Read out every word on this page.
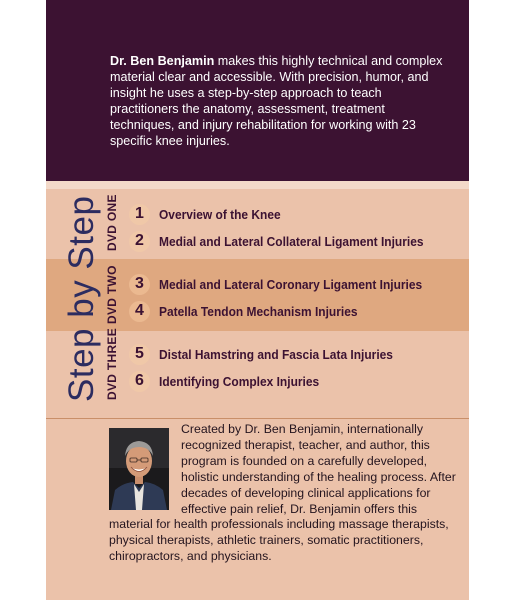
Dr. Ben Benjamin makes this highly technical and complex material clear and accessible. With precision, humor, and insight he uses a step-by-step approach to teach practitioners the anatomy, assessment, treatment techniques, and injury rehabilitation for working with 23 specific knee injuries.

Step by Step DVD ONE
DVD TWO
DVD THREE
1	Overview of the Knee
2	Medial and Lateral Collateral Ligament Injuries
3	Medial and Lateral Coronary Ligament Injuries
4	Patella Tendon Mechanism Injuries
5	Distal Hamstring and Fascia Lata Injuries
6	Identifying Complex Injuries

Created by Dr. Ben Benjamin, internationally recognized therapist, teacher, and author, this program is founded on a carefully developed, holistic understanding of the healing process. After decades of developing clinical applications for effective pain relief, Dr. Benjamin offers this material for health professionals including massage therapists, physical therapists, athletic trainers, somatic practitioners, chiropractors, and physicians.
